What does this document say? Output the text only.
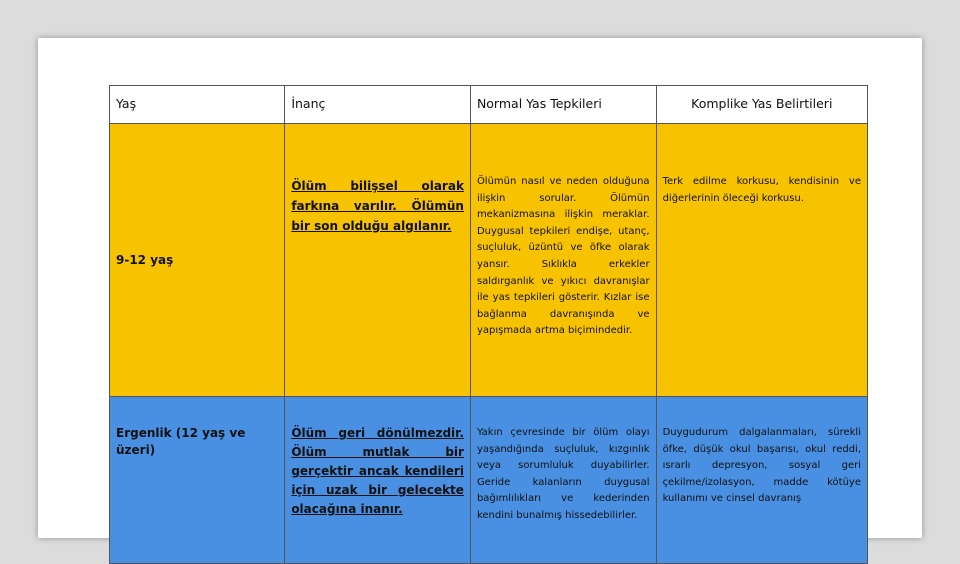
Yaş	İnanç	Normal Yas Tepkileri	Komplike Yas Belirtileri
9-12 yaş	Ölüm bilişsel olarak farkına varılır. Ölümün bir son olduğu algılanır.	Ölümün nasıl ve neden olduğuna ilişkin sorular. Ölümün mekanizmasına ilişkin meraklar. Duygusal tepkileri endişe, utanç, suçluluk, üzüntü ve öfke olarak yansır. Sıklıkla erkekler saldırganlık ve yıkıcı davranışlar ile yas tepkileri gösterir. Kızlar ise bağlanma davranışında ve yapışmada artma biçimindedir.	Terk edilme korkusu, kendisinin ve diğerlerinin öleceği korkusu.
Ergenlik (12 yaş ve üzeri)	Ölüm geri dönülmezdir. Ölüm mutlak bir gerçektir ancak kendileri için uzak bir gelecekte olacağına inanır.	Yakın çevresinde bir ölüm olayı yaşandığında suçluluk, kızgınlık veya sorumluluk duyabilirler. Geride kalanların duygusal bağımlılıkları ve kederinden kendini bunalmış hissedebilirler.	Duygudurum dalgalanmaları, sürekli öfke, düşük okul başarısı, okul reddi, ısrarlı depresyon, sosyal geri çekilme/izolasyon, madde kötüye kullanımı ve cinsel davranış
